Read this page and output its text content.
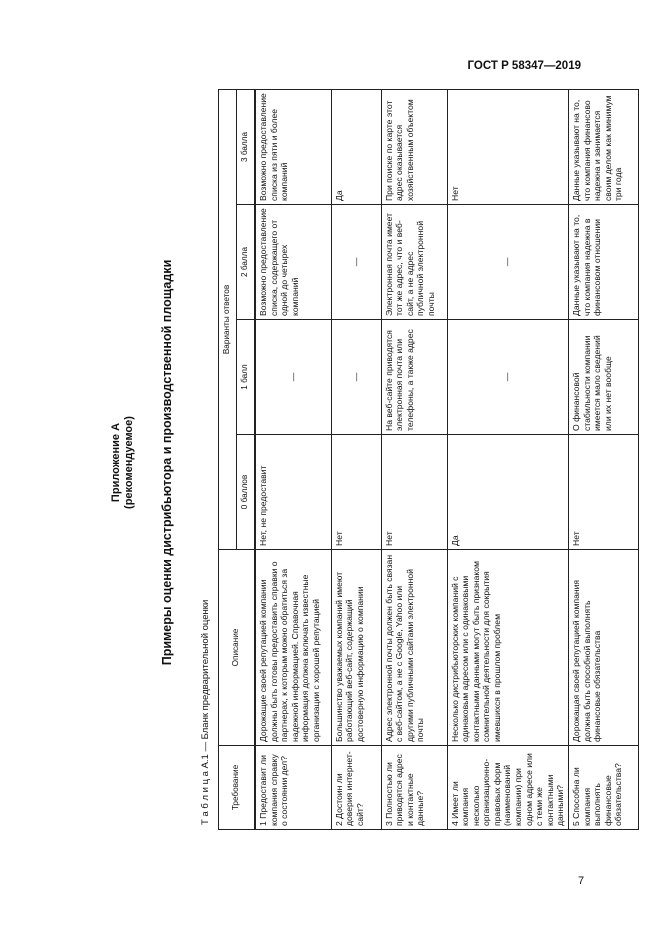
ГОСТ Р 58347—2019
Приложение А (рекомендуемое) Примеры оценки дистрибьютора и производственной площадки
Т а б л и ц а А.1 — Бланк предварительной оценки Требование	Описание	Варианты ответов			
		0 баллов	1 балл	2 балла	3 балла
1 Предоставит ли компания справку о состоянии дел?	Дорожащие своей репутацией компании должны быть готовы предоставить справки о партнерах, к которым можно обратиться за надежной информацией. Справочная информация должна включать известные организации с хорошей репутацией	Нет, не предоставит	—	Возможно предоставление списка, содержащего от одной до четырех компаний	Возможно предоставление списка из пяти и более компаний
2 Достоин ли доверия интернет-сайт?	Большинство уважаемых компаний имеют работающий веб-сайт, содержащий достоверную информацию о компании	Нет	—	—	Да
3 Полностью ли приводятся адрес и контактные данные?	Адрес электронной почты должен быть связан с веб-сайтом, а не с Google, Yahoo или другими публичными сайтами электронной почты	Нет	На веб-сайте приводятся электронная почта или телефоны, а также адрес	Электронная почта имеет тот же адрес, что и веб-сайт, а не адрес публичной электронной почты	При поиске по карте этот адрес оказывается хозяйственным объектом
4 Имеет ли компания несколько организационно-правовых форм (наименований компании) при одном адресе или с теми же контактными данными?	Несколько дистрибьюторских компаний с одинаковым адресом или с одинаковыми контактными данными могут быть признаком сомнительной деятельности для сокрытия имевшихся в прошлом проблем	Да	—	—	Нет
5 Способна ли компания выполнять финансовые обязательства?	Дорожащая своей репутацией компания должна быть способной выполнять финансовые обязательства	Нет	О финансовой стабильности компании имеется мало сведений или их нет вообще	Данные указывают на то, что компания надежна в финансовом отношении	Данные указывают на то, что компания финансово надежна и занимается своим делом как минимум три года
7
